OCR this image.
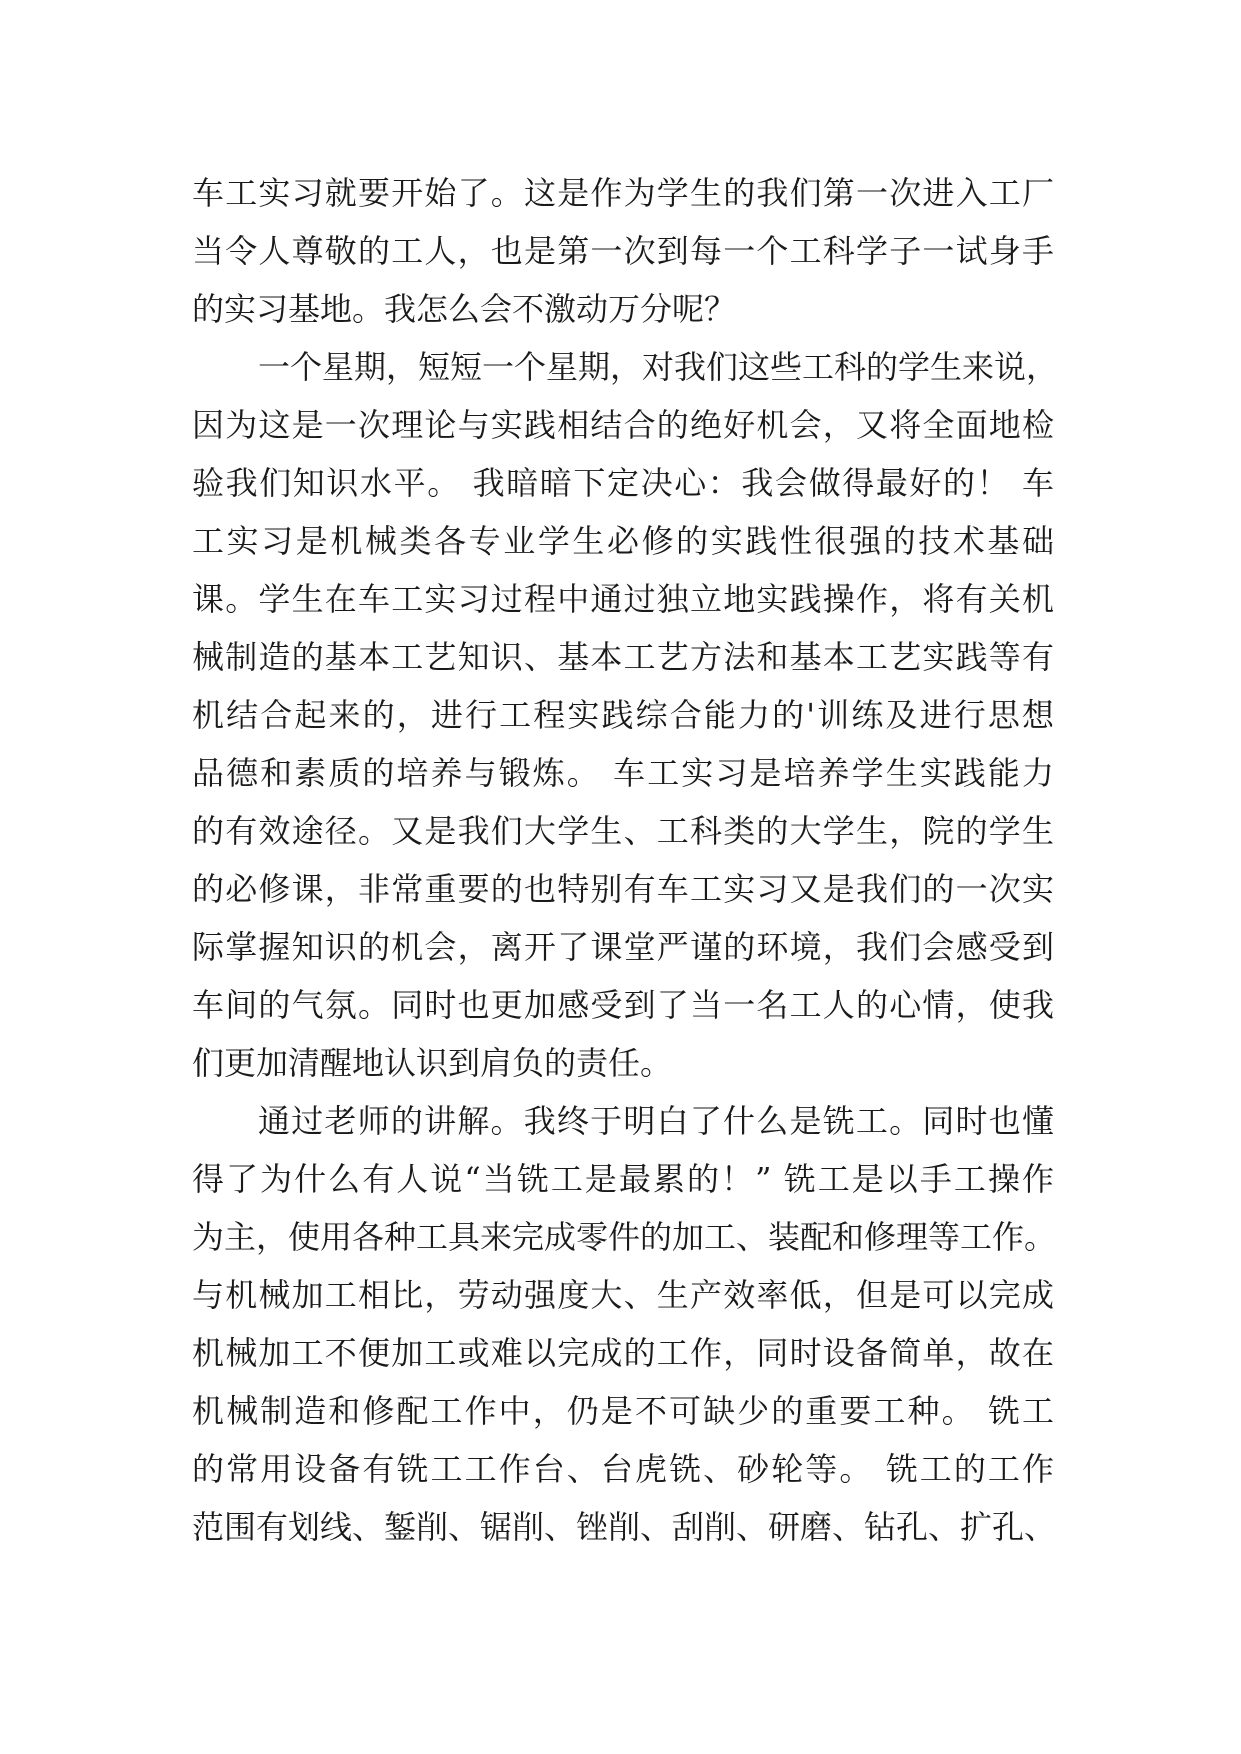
车工实习就要开始了。这是作为学生的我们第一次进入工厂
当令人尊敬的工人，也是第一次到每一个工科学子一试身手
的实习基地。我怎么会不激动万分呢？
一个星期，短短一个星期，对我们这些工科的学生来说，
因为这是一次理论与实践相结合的绝好机会，又将全面地检
验我们知识水平。 我暗暗下定决心：我会做得最好的！ 车
工实习是机械类各专业学生必修的实践性很强的技术基础
课。学生在车工实习过程中通过独立地实践操作，将有关机
械制造的基本工艺知识、基本工艺方法和基本工艺实践等有
机结合起来的，进行工程实践综合能力的'训练及进行思想
品德和素质的培养与锻炼。 车工实习是培养学生实践能力
的有效途径。又是我们大学生、工科类的大学生，院的学生
的必修课，非常重要的也特别有车工实习又是我们的一次实
际掌握知识的机会，离开了课堂严谨的环境，我们会感受到
车间的气氛。同时也更加感受到了当一名工人的心情，使我
们更加清醒地认识到肩负的责任。
通过老师的讲解。我终于明白了什么是铣工。同时也懂
得了为什么有人说“当铣工是最累的！” 铣工是以手工操作
为主，使用各种工具来完成零件的加工、装配和修理等工作。
与机械加工相比，劳动强度大、生产效率低，但是可以完成
机械加工不便加工或难以完成的工作，同时设备简单，故在
机械制造和修配工作中，仍是不可缺少的重要工种。 铣工
的常用设备有铣工工作台、台虎铣、砂轮等。 铣工的工作
范围有划线、錾削、锯削、锉削、刮削、研磨、钻孔、扩孔、
